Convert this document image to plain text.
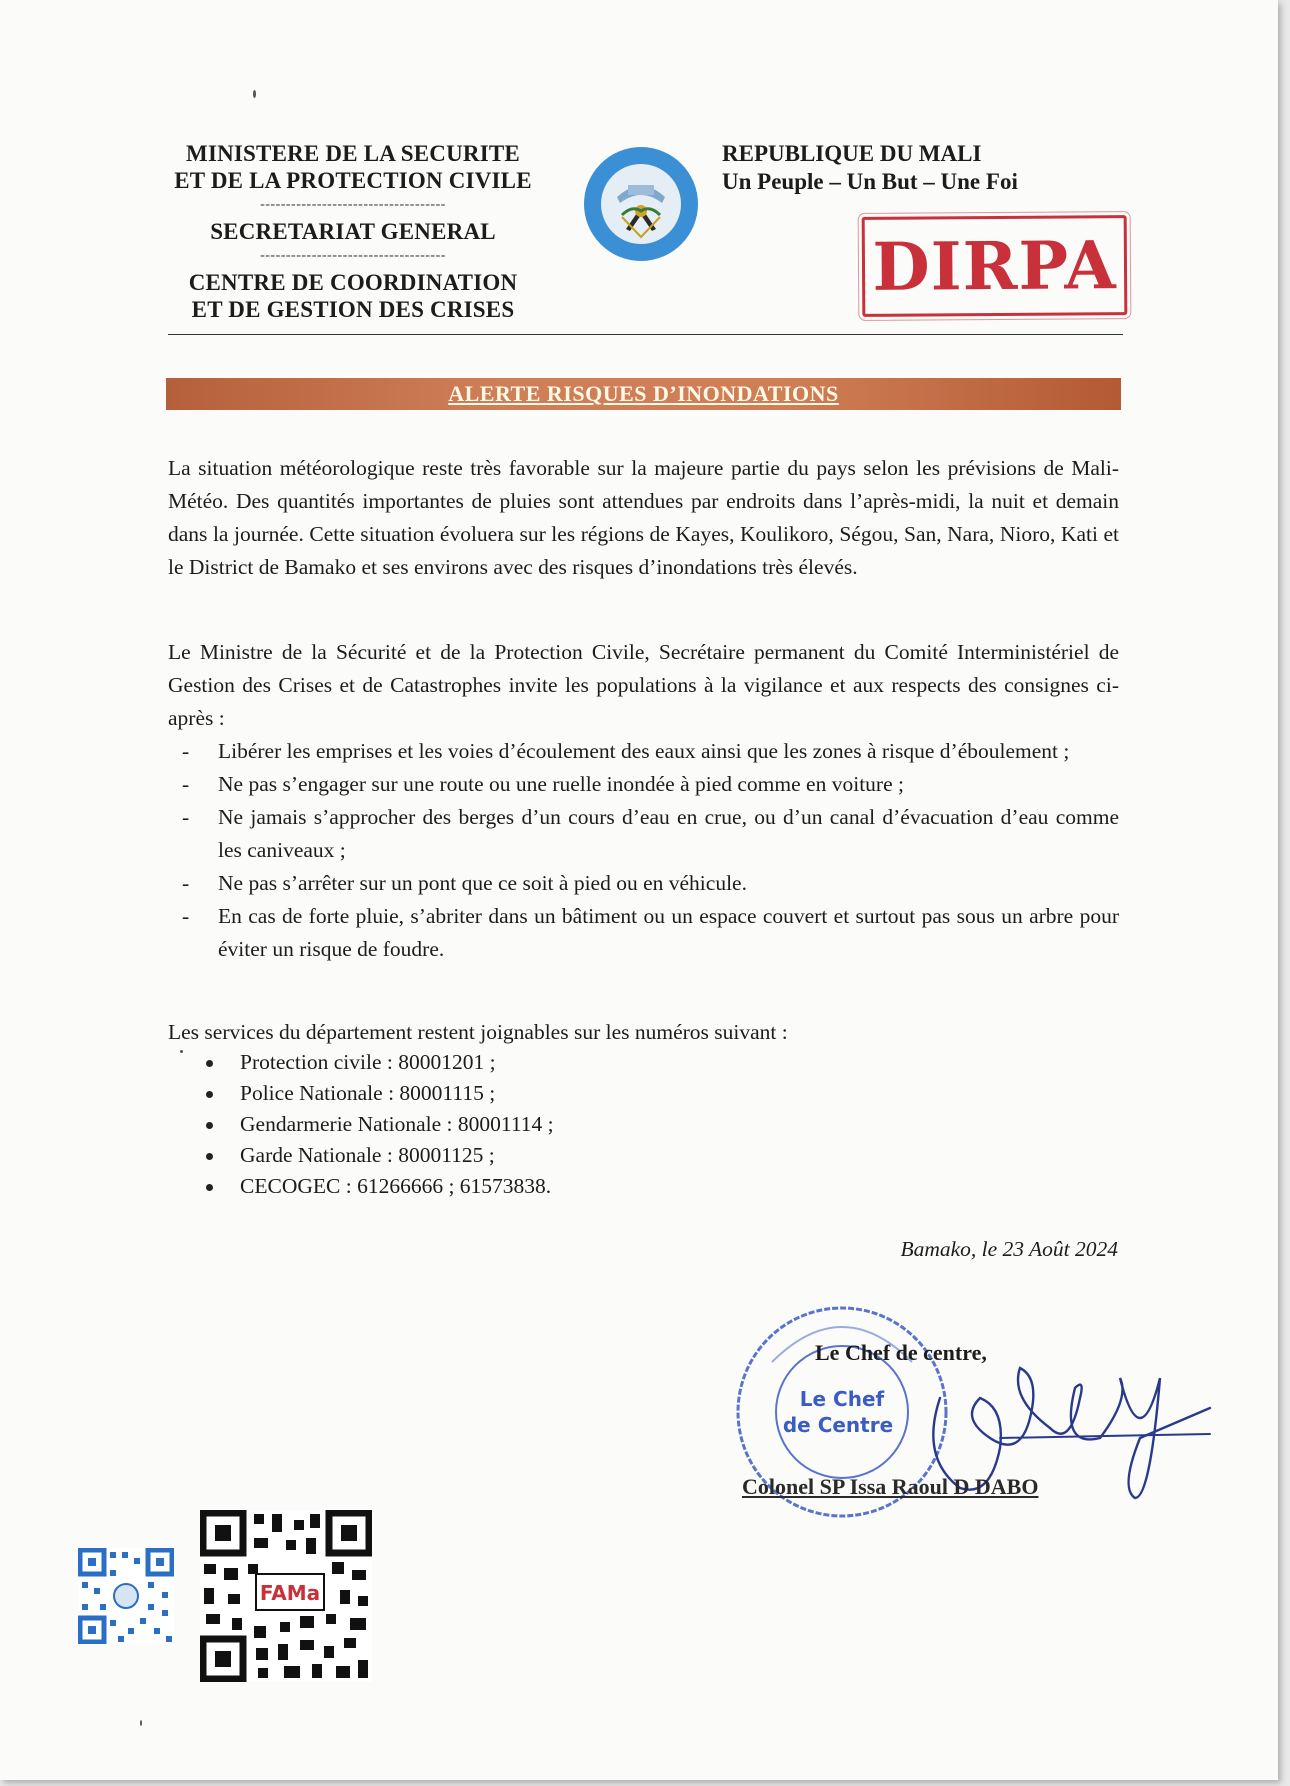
MINISTERE DE LA SECURITE
ET DE LA PROTECTION CIVILE
------------------------------------
SECRETARIAT GENERAL
------------------------------------
CENTRE DE COORDINATION
ET DE GESTION DES CRISES
REPUBLIQUE DU MALI
Un Peuple – Un But – Une Foi
DIRPA
ALERTE RISQUES D’INONDATIONS
La situation météorologique reste très favorable sur la majeure partie du pays selon les prévisions de Mali-Météo. Des quantités importantes de pluies sont attendues par endroits dans l’après-midi, la nuit et demain dans la journée. Cette situation évoluera sur les régions de Kayes, Koulikoro, Ségou, San, Nara, Nioro, Kati et le District de Bamako et ses environs avec des risques d’inondations très élevés.
Le Ministre de la Sécurité et de la Protection Civile, Secrétaire permanent du Comité Interministériel de Gestion des Crises et de Catastrophes invite les populations à la vigilance et aux respects des consignes ci-après :
- Libérer les emprises et les voies d’écoulement des eaux ainsi que les zones à risque d’éboulement ;
- Ne pas s’engager sur une route ou une ruelle inondée à pied comme en voiture ;
- Ne jamais s’approcher des berges d’un cours d’eau en crue, ou d’un canal d’évacuation d’eau comme les caniveaux ;
- Ne pas s’arrêter sur un pont que ce soit à pied ou en véhicule.
- En cas de forte pluie, s’abriter dans un bâtiment ou un espace couvert et surtout pas sous un arbre pour éviter un risque de foudre.
Les services du département restent joignables sur les numéros suivant :
Protection civile : 80001201 ;
Police Nationale : 80001115 ;
Gendarmerie Nationale : 80001114 ;
Garde Nationale : 80001125 ;
CECOGEC : 61266666 ; 61573838.
Bamako, le 23 Août 2024
Le Chef
de Centre
Le Chef de centre,
Colonel SP Issa Raoul D DABO
FAMa
